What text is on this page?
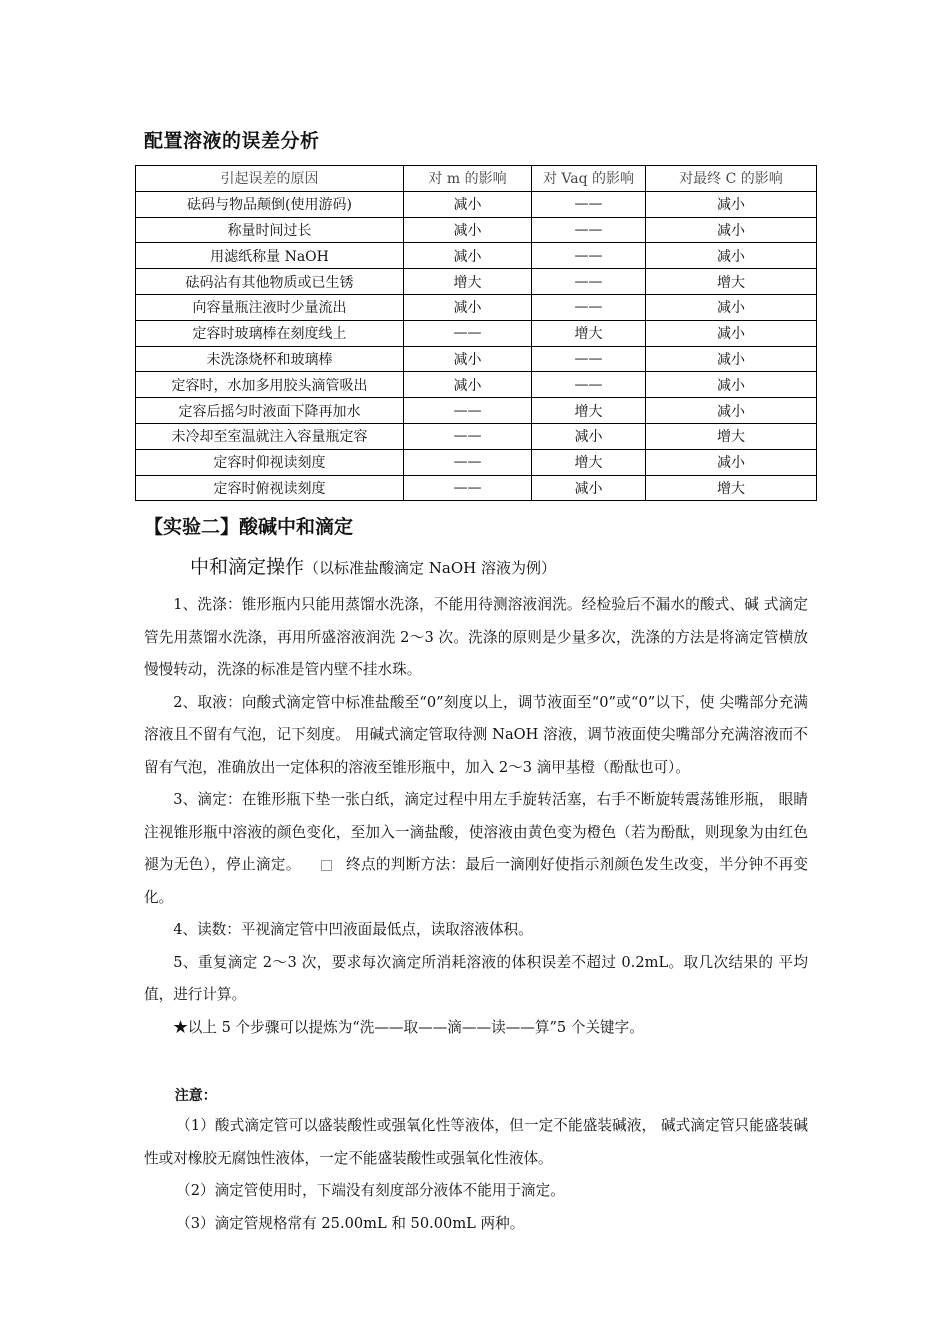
配置溶液的误差分析
引起误差的原因	对 m 的影响	对 Vaq 的影响	对最终 C 的影响
砝码与物品颠倒(使用游码)	减小	——	减小
称量时间过长	减小	——	减小
用滤纸称量 NaOH	减小	——	减小
砝码沾有其他物质或已生锈	增大	——	增大
向容量瓶注液时少量流出	减小	——	减小
定容时玻璃棒在刻度线上	——	增大	减小
未洗涤烧杯和玻璃棒	减小	——	减小
定容时，水加多用胶头滴管吸出	减小	——	减小
定容后摇匀时液面下降再加水	——	增大	减小
未冷却至室温就注入容量瓶定容	——	减小	增大
定容时仰视读刻度	——	增大	减小
定容时俯视读刻度	——	减小	增大
【实验二】酸碱中和滴定
中和滴定操作（以标准盐酸滴定 NaOH 溶液为例）

1、洗涤：锥形瓶内只能用蒸馏水洗涤，不能用待测溶液润洗。经检验后不漏水的酸式、碱 式滴定管先用蒸馏水洗涤，再用所盛溶液润洗 2～3 次。洗涤的原则是少量多次，洗涤的方法是将滴定管横放慢慢转动，洗涤的标准是管内壁不挂水珠。

2、取液：向酸式滴定管中标准盐酸至“0”刻度以上，调节液面至“0”或“0”以下，使 尖嘴部分充满溶液且不留有气泡，记下刻度。 用碱式滴定管取待测 NaOH 溶液，调节液面使尖嘴部分充满溶液而不留有气泡，准确放出一定体积的溶液至锥形瓶中，加入 2～3 滴甲基橙（酚酞也可）。

3、滴定：在锥形瓶下垫一张白纸，滴定过程中用左手旋转活塞，右手不断旋转震荡锥形瓶， 眼睛注视锥形瓶中溶液的颜色变化，至加入一滴盐酸，使溶液由黄色变为橙色（若为酚酞，则现象为由红色褪为无色），停止滴定。	终点的判断方法：最后一滴刚好使指示剂颜色发生改变，半分钟不再变化。

4、读数：平视滴定管中凹液面最低点，读取溶液体积。

5、重复滴定 2～3 次，要求每次滴定所消耗溶液的体积误差不超过 0.2mL。取几次结果的 平均值，进行计算。

★以上 5 个步骤可以提炼为“洗——取——滴——读——算”5 个关键字。

注意：

（1）酸式滴定管可以盛装酸性或强氧化性等液体，但一定不能盛装碱液， 碱式滴定管只能盛装碱性或对橡胶无腐蚀性液体，一定不能盛装酸性或强氧化性液体。

（2）滴定管使用时，下端没有刻度部分液体不能用于滴定。

（3）滴定管规格常有 25.00mL 和 50.00mL 两种。
